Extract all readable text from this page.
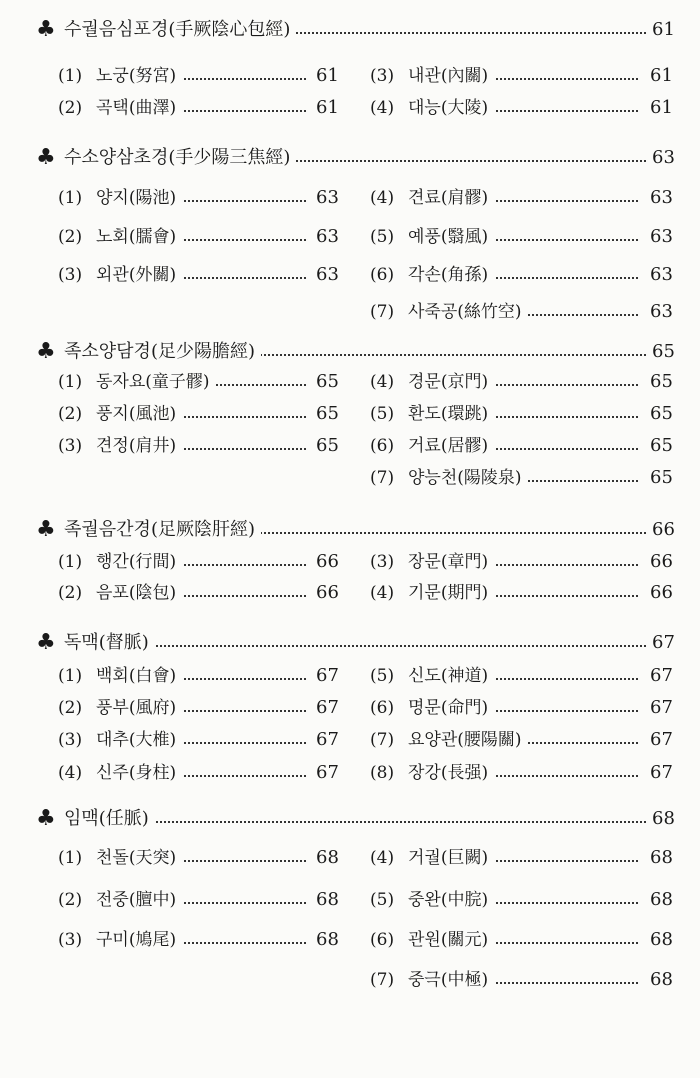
♣ 수궐음심포경(手厥陰心包經)	61
(1) 노궁(努宮)	61
(2) 곡택(曲澤)	61
(3) 내관(內關)	61
(4) 대능(大陵)	61
♣ 수소양삼초경(手少陽三焦經)	63
(1) 양지(陽池)	63
(2) 노회(臑會)	63
(3) 외관(外關)	63
(4) 견료(肩髎)	63
(5) 예풍(翳風)	63
(6) 각손(角孫)	63
(7) 사죽공(絲竹空)	63
♣ 족소양담경(足少陽膽經)	65
(1) 동자요(童子髎)	65
(2) 풍지(風池)	65
(3) 견정(肩井)	65
(4) 경문(京門)	65
(5) 환도(環跳)	65
(6) 거료(居髎)	65
(7) 양능천(陽陵泉)	65
♣ 족궐음간경(足厥陰肝經)	66
(1) 행간(行間)	66
(2) 음포(陰包)	66
(3) 장문(章門)	66
(4) 기문(期門)	66
♣ 독맥(督脈)	67
(1) 백회(白會)	67
(2) 풍부(風府)	67
(3) 대추(大椎)	67
(4) 신주(身柱)	67
(5) 신도(神道)	67
(6) 명문(命門)	67
(7) 요양관(腰陽關)	67
(8) 장강(長强)	67
♣ 임맥(任脈)	68
(1) 천돌(天突)	68
(2) 전중(膻中)	68
(3) 구미(鳩尾)	68
(4) 거궐(巨闕)	68
(5) 중완(中脘)	68
(6) 관원(關元)	68
(7) 중극(中極)	68
